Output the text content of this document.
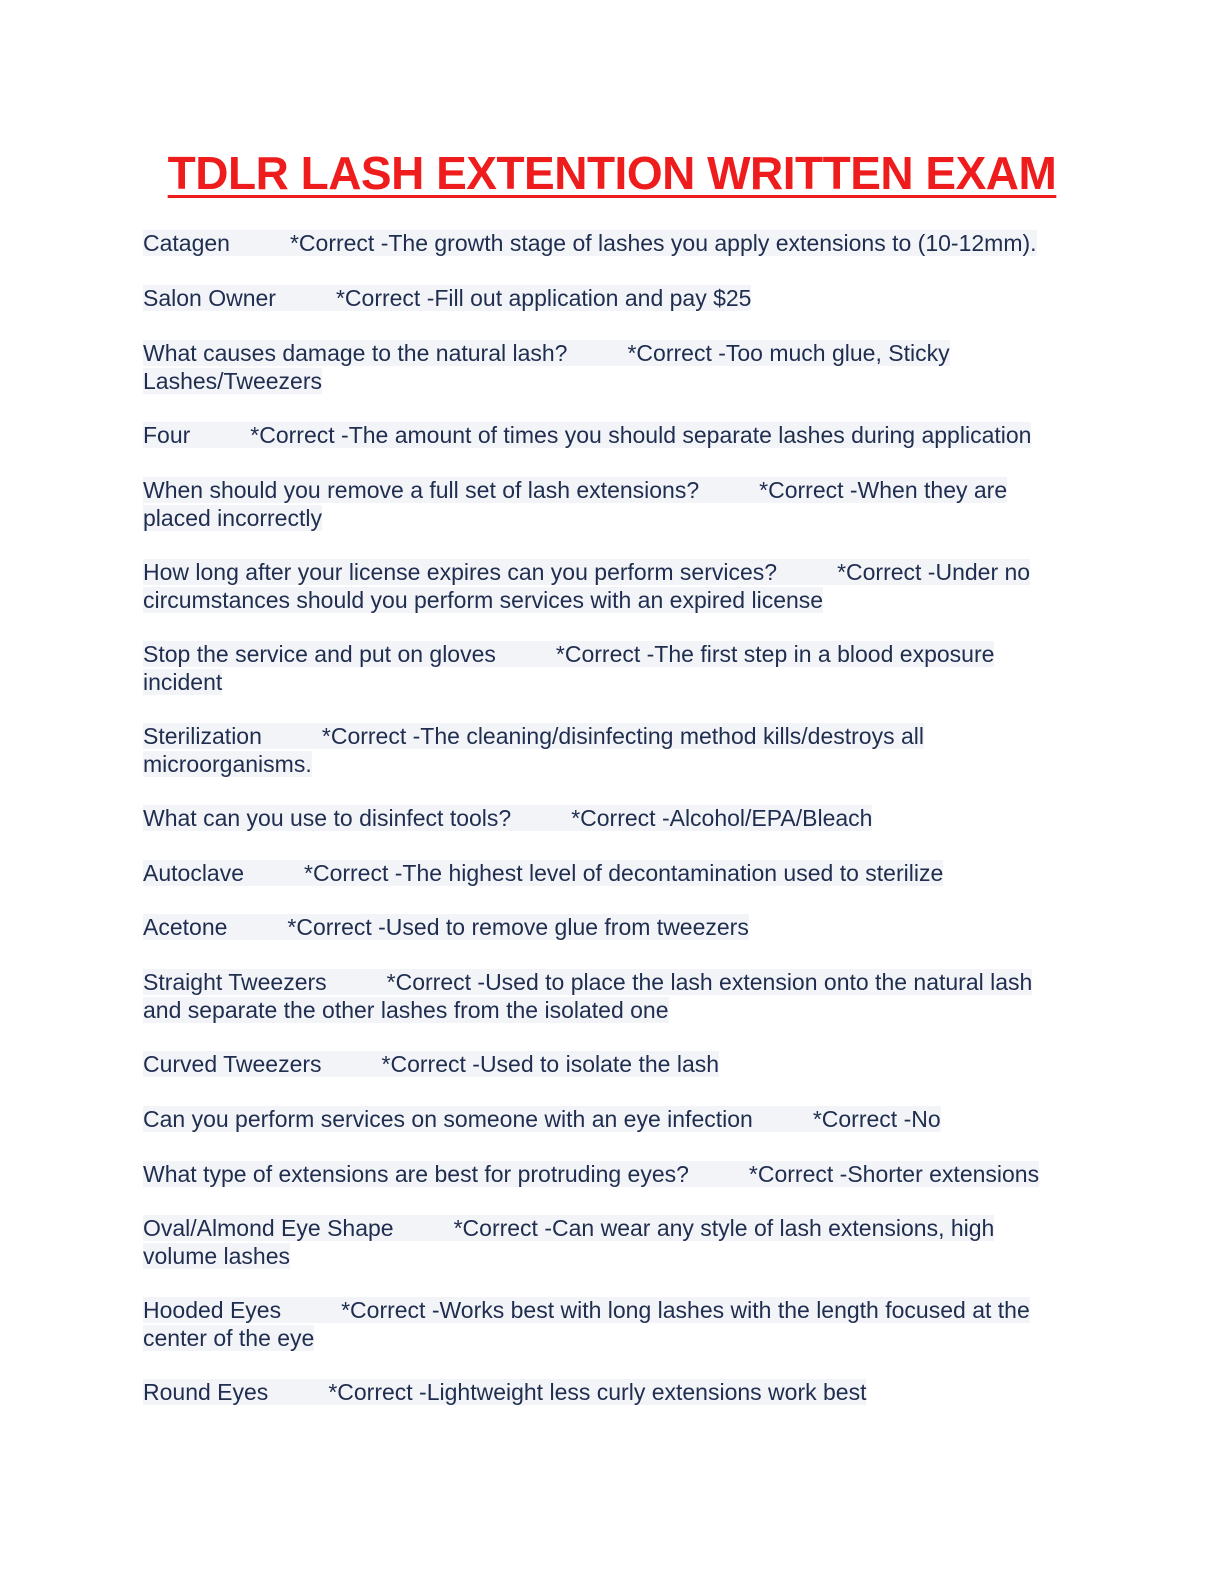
TDLR LASH EXTENTION WRITTEN EXAM
Catagen	*Correct -The growth stage of lashes you apply extensions to (10-12mm).
Salon Owner	*Correct -Fill out application and pay $25
What causes damage to the natural lash?	*Correct -Too much glue, Sticky Lashes/Tweezers
Four	*Correct -The amount of times you should separate lashes during application
When should you remove a full set of lash extensions?	*Correct -When they are placed incorrectly
How long after your license expires can you perform services?	*Correct -Under no circumstances should you perform services with an expired license
Stop the service and put on gloves	*Correct -The first step in a blood exposure incident
Sterilization	*Correct -The cleaning/disinfecting method kills/destroys all microorganisms.
What can you use to disinfect tools?	*Correct -Alcohol/EPA/Bleach
Autoclave	*Correct -The highest level of decontamination used to sterilize
Acetone	*Correct -Used to remove glue from tweezers
Straight Tweezers	*Correct -Used to place the lash extension onto the natural lash and separate the other lashes from the isolated one
Curved Tweezers	*Correct -Used to isolate the lash
Can you perform services on someone with an eye infection	*Correct -No
What type of extensions are best for protruding eyes?	*Correct -Shorter extensions
Oval/Almond Eye Shape	*Correct -Can wear any style of lash extensions, high volume lashes
Hooded Eyes	*Correct -Works best with long lashes with the length focused at the center of the eye
Round Eyes	*Correct -Lightweight less curly extensions work best
